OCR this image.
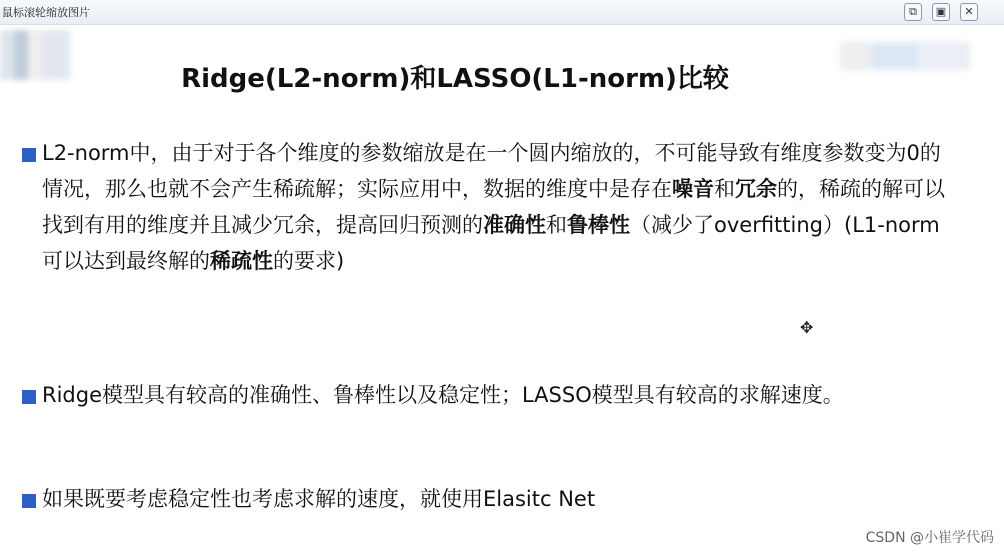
鼠标滚轮缩放图片	⧉	▣	✕
Ridge(L2-norm)和LASSO(L1-norm)比较
L2-norm中，由于对于各个维度的参数缩放是在一个圆内缩放的，不可能导致有维度参数变为0的情况，那么也就不会产生稀疏解；实际应用中，数据的维度中是存在噪音和冗余的，稀疏的解可以找到有用的维度并且减少冗余，提高回归预测的准确性和鲁棒性（减少了overfitting）(L1-norm可以达到最终解的稀疏性的要求)
Ridge模型具有较高的准确性、鲁棒性以及稳定性；LASSO模型具有较高的求解速度。
如果既要考虑稳定性也考虑求解的速度，就使用Elasitc Net
✥
CSDN @小崔学代码
